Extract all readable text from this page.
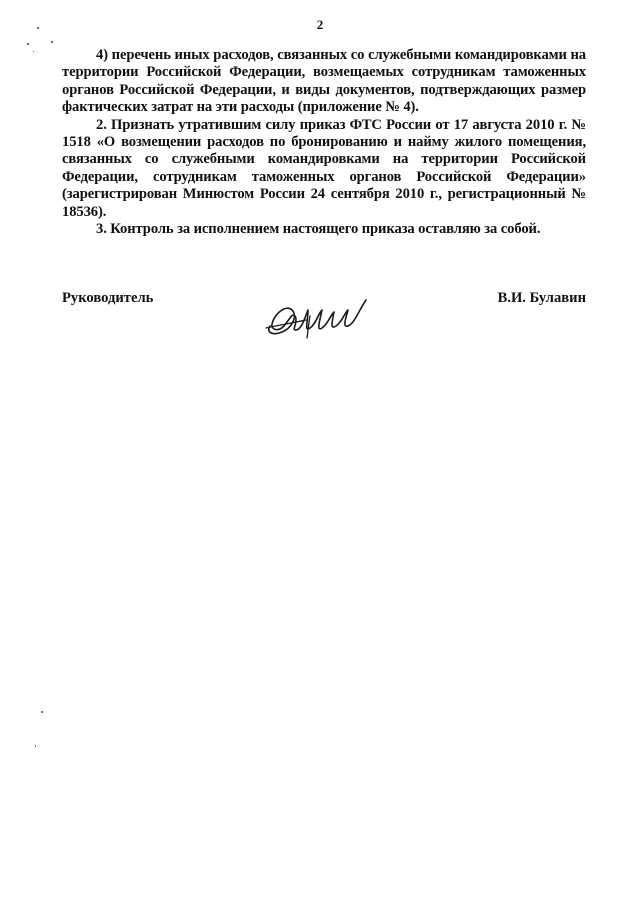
2

4) перечень иных расходов, связанных со служебными командировками на территории Российской Федерации, возмещаемых сотрудникам таможенных органов Российской Федерации, и виды документов, подтверждающих размер фактических затрат на эти расходы (приложение № 4).

2. Признать утратившим силу приказ ФТС России от 17 августа 2010 г. № 1518 «О возмещении расходов по бронированию и найму жилого помещения, связанных со служебными командировками на территории Российской Федерации, сотрудникам таможенных органов Российской Федерации» (зарегистрирован Минюстом России 24 сентября 2010 г., регистрационный № 18536).

3. Контроль за исполнением настоящего приказа оставляю за собой.

Руководитель	В.И. Булавин
